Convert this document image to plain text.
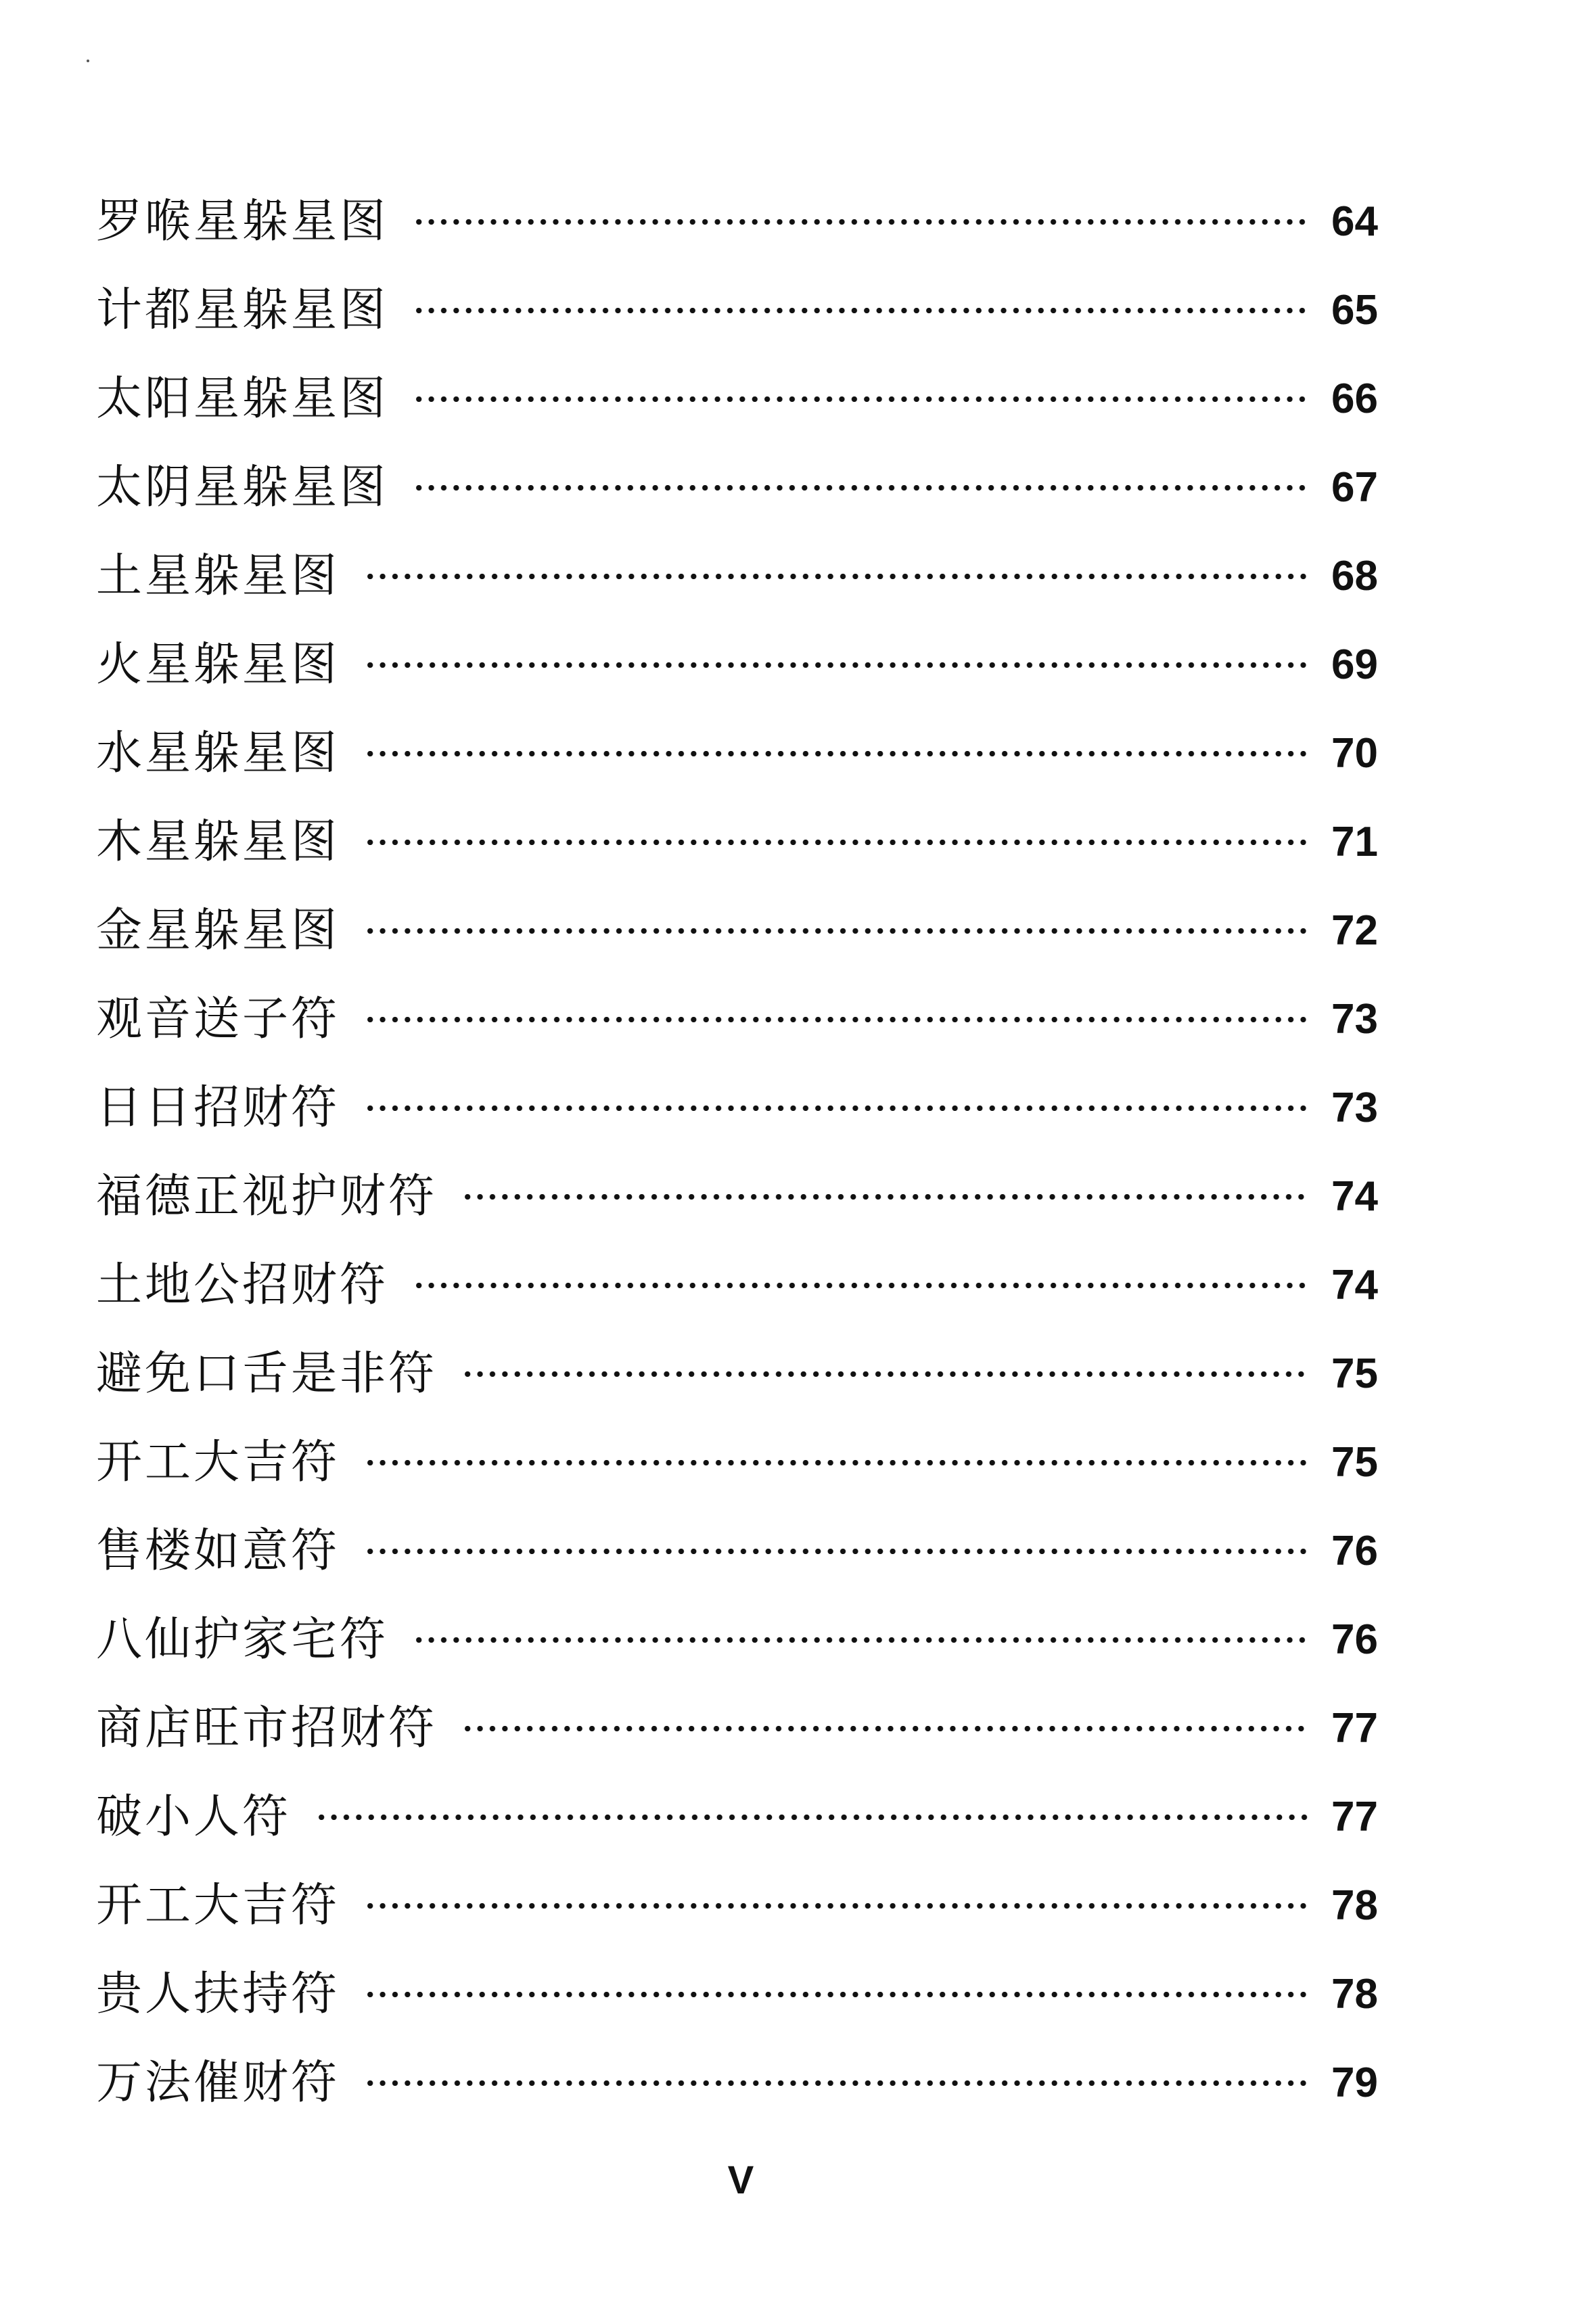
罗喉星躲星图	64
计都星躲星图	65
太阳星躲星图	66
太阴星躲星图	67
土星躲星图	68
火星躲星图	69
水星躲星图	70
木星躲星图	71
金星躲星图	72
观音送子符	73
日日招财符	73
福德正视护财符	74
土地公招财符	74
避免口舌是非符	75
开工大吉符	75
售楼如意符	76
八仙护家宅符	76
商店旺市招财符	77
破小人符	77
开工大吉符	78
贵人扶持符	78
万法催财符	79
V
